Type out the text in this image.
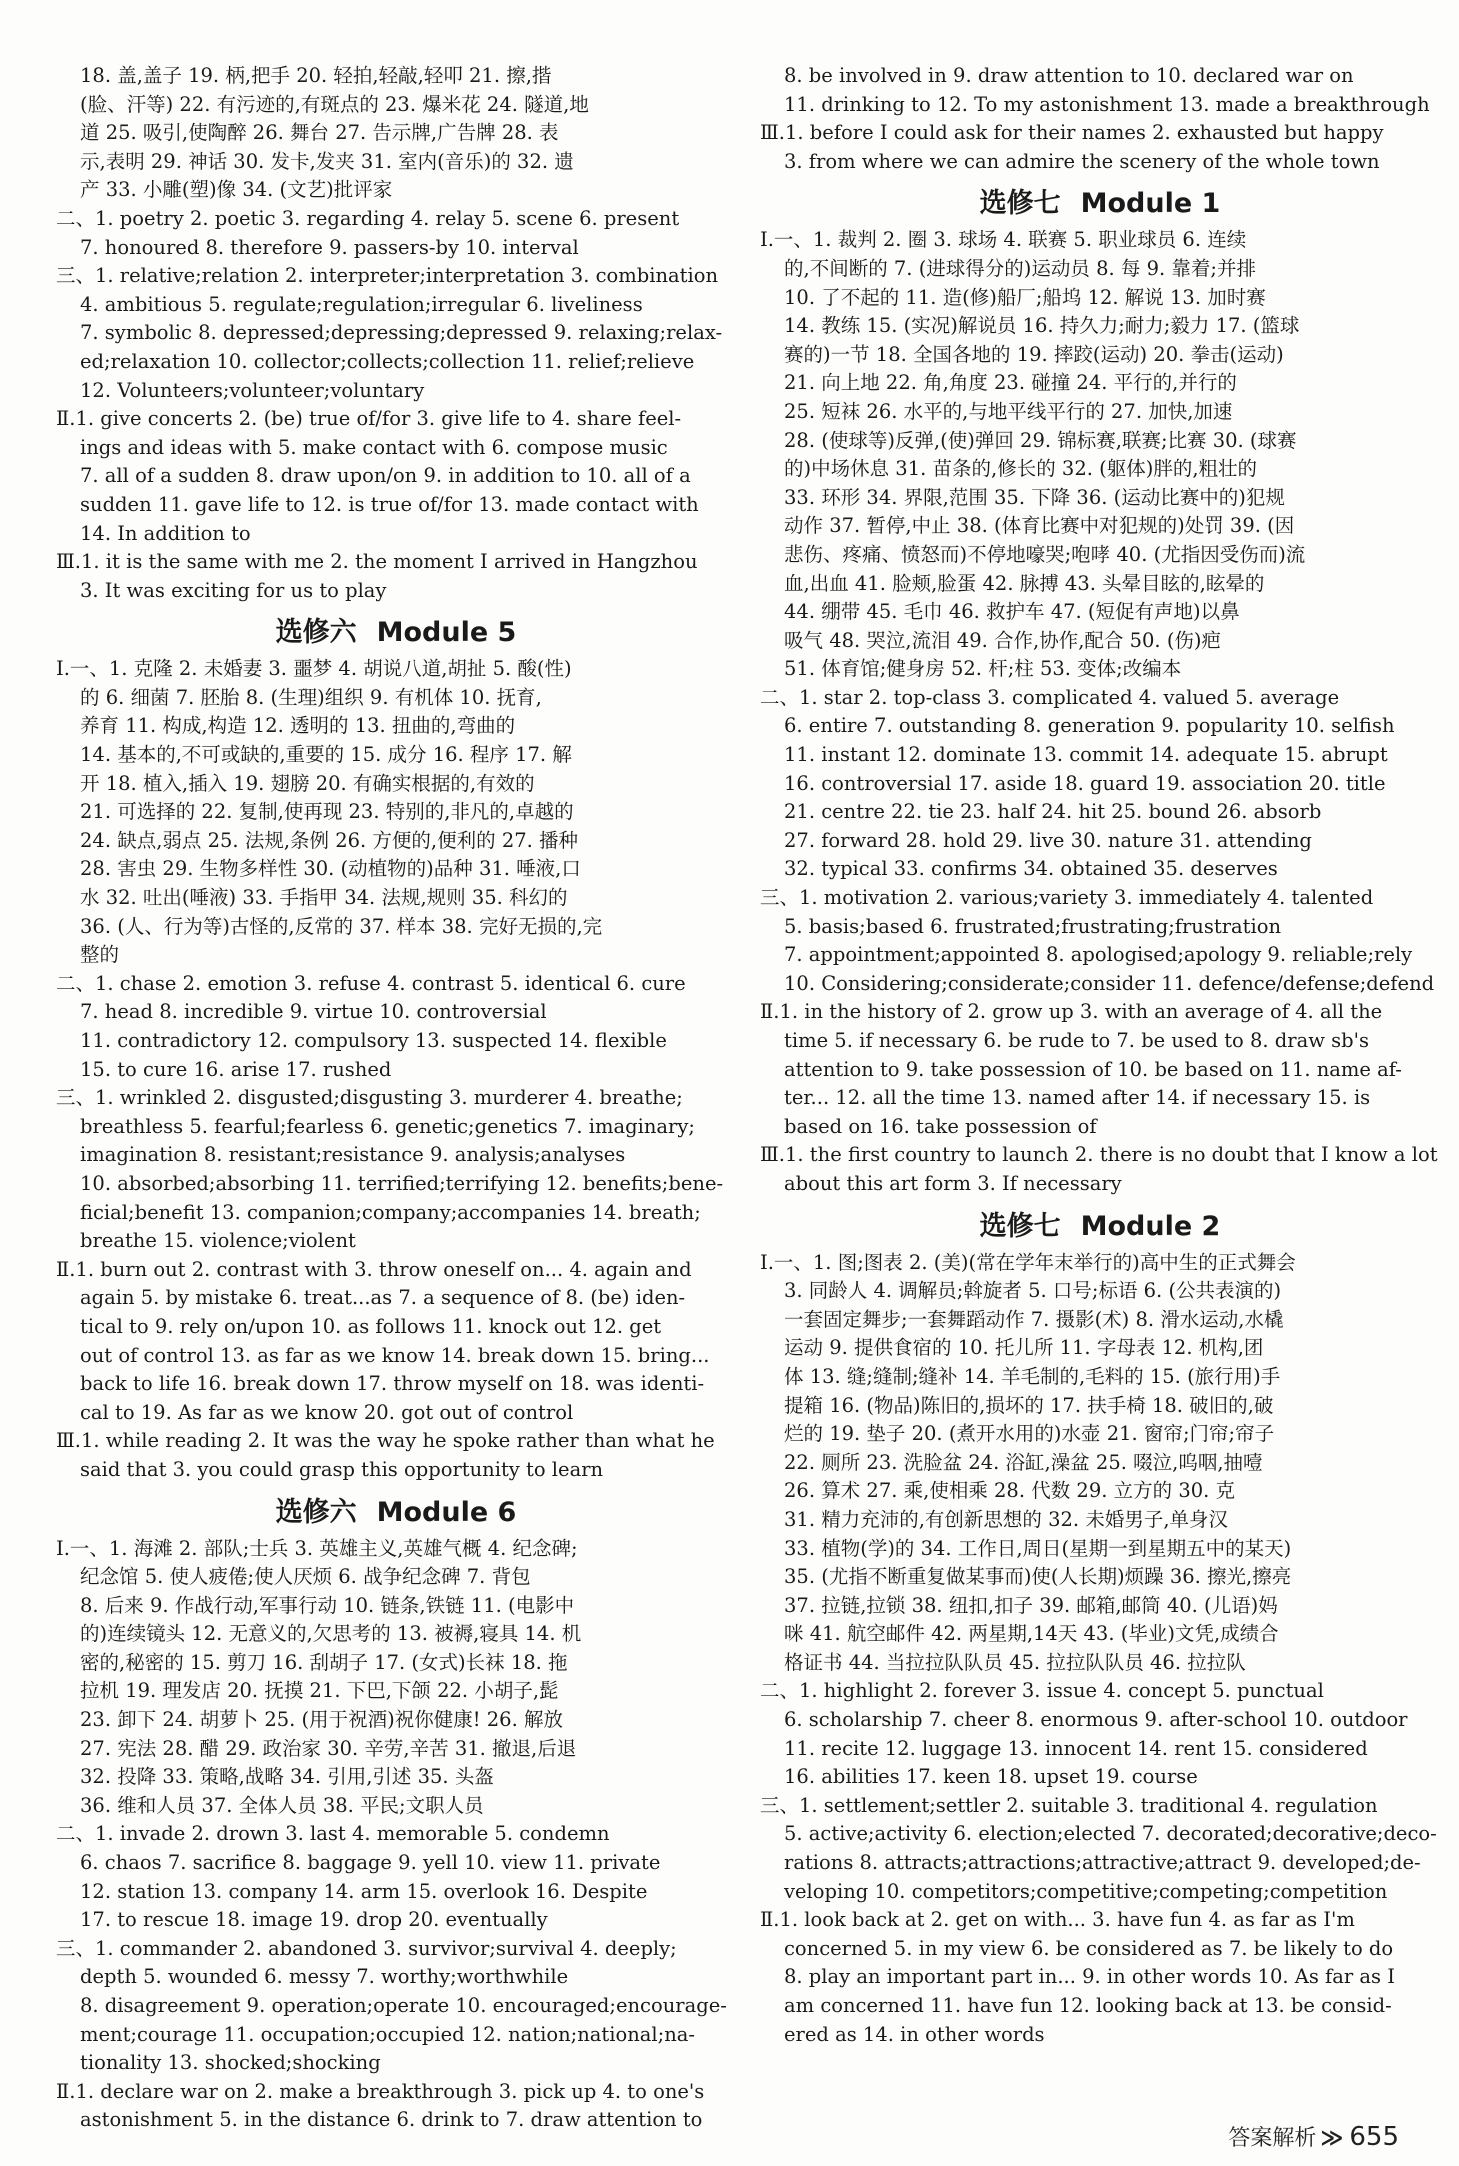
18. 盖,盖子 19. 柄,把手 20. 轻拍,轻敲,轻叩 21. 擦,揩
(脸、汗等) 22. 有污迹的,有斑点的 23. 爆米花 24. 隧道,地
道 25. 吸引,使陶醉 26. 舞台 27. 告示牌,广告牌 28. 表
示,表明 29. 神话 30. 发卡,发夹 31. 室内(音乐)的 32. 遗
产 33. 小雕(塑)像 34. (文艺)批评家
二、1. poetry 2. poetic 3. regarding 4. relay 5. scene 6. present
7. honoured 8. therefore 9. passers-by 10. interval
三、1. relative;relation 2. interpreter;interpretation 3. combination
4. ambitious 5. regulate;regulation;irregular 6. liveliness
7. symbolic 8. depressed;depressing;depressed 9. relaxing;relax-
ed;relaxation 10. collector;collects;collection 11. relief;relieve
12. Volunteers;volunteer;voluntary
Ⅱ.1. give concerts 2. (be) true of/for 3. give life to 4. share feel-
ings and ideas with 5. make contact with 6. compose music
7. all of a sudden 8. draw upon/on 9. in addition to 10. all of a
sudden 11. gave life to 12. is true of/for 13. made contact with
14. In addition to
Ⅲ.1. it is the same with me 2. the moment I arrived in Hangzhou
3. It was exciting for us to play
选修六 Module 5
Ⅰ.一、1. 克隆 2. 未婚妻 3. 噩梦 4. 胡说八道,胡扯 5. 酸(性)
的 6. 细菌 7. 胚胎 8. (生理)组织 9. 有机体 10. 抚育,
养育 11. 构成,构造 12. 透明的 13. 扭曲的,弯曲的
14. 基本的,不可或缺的,重要的 15. 成分 16. 程序 17. 解
开 18. 植入,插入 19. 翅膀 20. 有确实根据的,有效的
21. 可选择的 22. 复制,使再现 23. 特别的,非凡的,卓越的
24. 缺点,弱点 25. 法规,条例 26. 方便的,便利的 27. 播种
28. 害虫 29. 生物多样性 30. (动植物的)品种 31. 唾液,口
水 32. 吐出(唾液) 33. 手指甲 34. 法规,规则 35. 科幻的
36. (人、行为等)古怪的,反常的 37. 样本 38. 完好无损的,完
整的
二、1. chase 2. emotion 3. refuse 4. contrast 5. identical 6. cure
7. head 8. incredible 9. virtue 10. controversial
11. contradictory 12. compulsory 13. suspected 14. flexible
15. to cure 16. arise 17. rushed
三、1. wrinkled 2. disgusted;disgusting 3. murderer 4. breathe;
breathless 5. fearful;fearless 6. genetic;genetics 7. imaginary;
imagination 8. resistant;resistance 9. analysis;analyses
10. absorbed;absorbing 11. terrified;terrifying 12. benefits;bene-
ficial;benefit 13. companion;company;accompanies 14. breath;
breathe 15. violence;violent
Ⅱ.1. burn out 2. contrast with 3. throw oneself on... 4. again and
again 5. by mistake 6. treat...as 7. a sequence of 8. (be) iden-
tical to 9. rely on/upon 10. as follows 11. knock out 12. get
out of control 13. as far as we know 14. break down 15. bring...
back to life 16. break down 17. throw myself on 18. was identi-
cal to 19. As far as we know 20. got out of control
Ⅲ.1. while reading 2. It was the way he spoke rather than what he
said that 3. you could grasp this opportunity to learn
选修六 Module 6
Ⅰ.一、1. 海滩 2. 部队;士兵 3. 英雄主义,英雄气概 4. 纪念碑;
纪念馆 5. 使人疲倦;使人厌烦 6. 战争纪念碑 7. 背包
8. 后来 9. 作战行动,军事行动 10. 链条,铁链 11. (电影中
的)连续镜头 12. 无意义的,欠思考的 13. 被褥,寝具 14. 机
密的,秘密的 15. 剪刀 16. 刮胡子 17. (女式)长袜 18. 拖
拉机 19. 理发店 20. 抚摸 21. 下巴,下颌 22. 小胡子,髭
23. 卸下 24. 胡萝卜 25. (用于祝酒)祝你健康! 26. 解放
27. 宪法 28. 醋 29. 政治家 30. 辛劳,辛苦 31. 撤退,后退
32. 投降 33. 策略,战略 34. 引用,引述 35. 头盔
36. 维和人员 37. 全体人员 38. 平民;文职人员
二、1. invade 2. drown 3. last 4. memorable 5. condemn
6. chaos 7. sacrifice 8. baggage 9. yell 10. view 11. private
12. station 13. company 14. arm 15. overlook 16. Despite
17. to rescue 18. image 19. drop 20. eventually
三、1. commander 2. abandoned 3. survivor;survival 4. deeply;
depth 5. wounded 6. messy 7. worthy;worthwhile
8. disagreement 9. operation;operate 10. encouraged;encourage-
ment;courage 11. occupation;occupied 12. nation;national;na-
tionality 13. shocked;shocking
Ⅱ.1. declare war on 2. make a breakthrough 3. pick up 4. to one's
astonishment 5. in the distance 6. drink to 7. draw attention to
8. be involved in 9. draw attention to 10. declared war on
11. drinking to 12. To my astonishment 13. made a breakthrough
Ⅲ.1. before I could ask for their names 2. exhausted but happy
3. from where we can admire the scenery of the whole town
选修七 Module 1
Ⅰ.一、1. 裁判 2. 圈 3. 球场 4. 联赛 5. 职业球员 6. 连续
的,不间断的 7. (进球得分的)运动员 8. 每 9. 靠着;并排
10. 了不起的 11. 造(修)船厂;船坞 12. 解说 13. 加时赛
14. 教练 15. (实况)解说员 16. 持久力;耐力;毅力 17. (篮球
赛的)一节 18. 全国各地的 19. 摔跤(运动) 20. 拳击(运动)
21. 向上地 22. 角,角度 23. 碰撞 24. 平行的,并行的
25. 短袜 26. 水平的,与地平线平行的 27. 加快,加速
28. (使球等)反弹,(使)弹回 29. 锦标赛,联赛;比赛 30. (球赛
的)中场休息 31. 苗条的,修长的 32. (躯体)胖的,粗壮的
33. 环形 34. 界限,范围 35. 下降 36. (运动比赛中的)犯规
动作 37. 暂停,中止 38. (体育比赛中对犯规的)处罚 39. (因
悲伤、疼痛、愤怒而)不停地嚎哭;咆哮 40. (尤指因受伤而)流
血,出血 41. 脸颊,脸蛋 42. 脉搏 43. 头晕目眩的,眩晕的
44. 绷带 45. 毛巾 46. 救护车 47. (短促有声地)以鼻
吸气 48. 哭泣,流泪 49. 合作,协作,配合 50. (伤)疤
51. 体育馆;健身房 52. 杆;柱 53. 变体;改编本
二、1. star 2. top-class 3. complicated 4. valued 5. average
6. entire 7. outstanding 8. generation 9. popularity 10. selfish
11. instant 12. dominate 13. commit 14. adequate 15. abrupt
16. controversial 17. aside 18. guard 19. association 20. title
21. centre 22. tie 23. half 24. hit 25. bound 26. absorb
27. forward 28. hold 29. live 30. nature 31. attending
32. typical 33. confirms 34. obtained 35. deserves
三、1. motivation 2. various;variety 3. immediately 4. talented
5. basis;based 6. frustrated;frustrating;frustration
7. appointment;appointed 8. apologised;apology 9. reliable;rely
10. Considering;considerate;consider 11. defence/defense;defend
Ⅱ.1. in the history of 2. grow up 3. with an average of 4. all the
time 5. if necessary 6. be rude to 7. be used to 8. draw sb's
attention to 9. take possession of 10. be based on 11. name af-
ter... 12. all the time 13. named after 14. if necessary 15. is
based on 16. take possession of
Ⅲ.1. the first country to launch 2. there is no doubt that I know a lot
about this art form 3. If necessary
选修七 Module 2
Ⅰ.一、1. 图;图表 2. (美)(常在学年末举行的)高中生的正式舞会
3. 同龄人 4. 调解员;斡旋者 5. 口号;标语 6. (公共表演的)
一套固定舞步;一套舞蹈动作 7. 摄影(术) 8. 滑水运动,水橇
运动 9. 提供食宿的 10. 托儿所 11. 字母表 12. 机构,团
体 13. 缝;缝制;缝补 14. 羊毛制的,毛料的 15. (旅行用)手
提箱 16. (物品)陈旧的,损坏的 17. 扶手椅 18. 破旧的,破
烂的 19. 垫子 20. (煮开水用的)水壶 21. 窗帘;门帘;帘子
22. 厕所 23. 洗脸盆 24. 浴缸,澡盆 25. 啜泣,呜咽,抽噎
26. 算术 27. 乘,使相乘 28. 代数 29. 立方的 30. 克
31. 精力充沛的,有创新思想的 32. 未婚男子,单身汉
33. 植物(学)的 34. 工作日,周日(星期一到星期五中的某天)
35. (尤指不断重复做某事而)使(人长期)烦躁 36. 擦光,擦亮
37. 拉链,拉锁 38. 纽扣,扣子 39. 邮箱,邮筒 40. (儿语)妈
咪 41. 航空邮件 42. 两星期,14天 43. (毕业)文凭,成绩合
格证书 44. 当拉拉队队员 45. 拉拉队队员 46. 拉拉队
二、1. highlight 2. forever 3. issue 4. concept 5. punctual
6. scholarship 7. cheer 8. enormous 9. after-school 10. outdoor
11. recite 12. luggage 13. innocent 14. rent 15. considered
16. abilities 17. keen 18. upset 19. course
三、1. settlement;settler 2. suitable 3. traditional 4. regulation
5. active;activity 6. election;elected 7. decorated;decorative;deco-
rations 8. attracts;attractions;attractive;attract 9. developed;de-
veloping 10. competitors;competitive;competing;competition
Ⅱ.1. look back at 2. get on with... 3. have fun 4. as far as I'm
concerned 5. in my view 6. be considered as 7. be likely to do
8. play an important part in... 9. in other words 10. As far as I
am concerned 11. have fun 12. looking back at 13. be consid-
ered as 14. in other words
答案解析 ≫ 655
